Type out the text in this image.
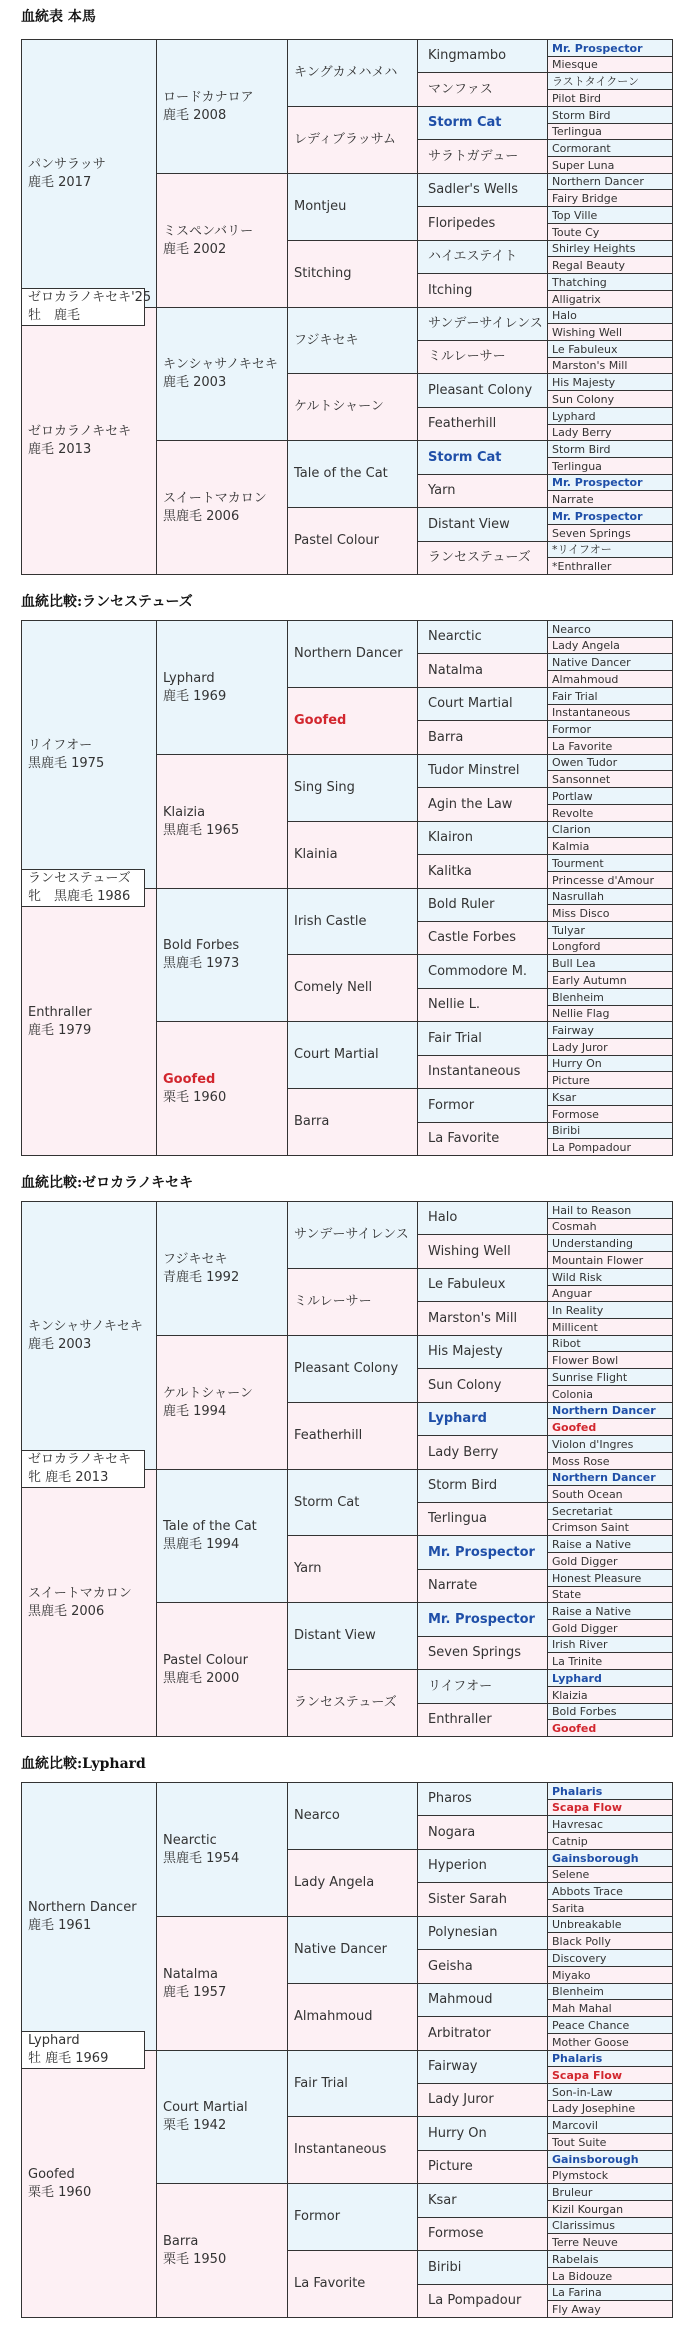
血統表 本馬
パンサラッサ
鹿毛 2017
ゼロカラノキセキ
鹿毛 2013
ロードカナロア
鹿毛 2008
ミスペンバリー
鹿毛 2002
キンシャサノキセキ
鹿毛 2003
スイートマカロン
黒鹿毛 2006
キングカメハメハ
レディブラッサム
Montjeu
Stitching
フジキセキ
ケルトシャーン
Tale of the Cat
Pastel Colour
Kingmambo
マンファス
Storm Cat
サラトガデュー
Sadler's Wells
Floripedes
ハイエステイト
Itching
サンデーサイレンス
ミルレーサー
Pleasant Colony
Featherhill
Storm Cat
Yarn
Distant View
ランセステューズ
Mr. Prospector
Miesque
ラストタイクーン
Pilot Bird
Storm Bird
Terlingua
Cormorant
Super Luna
Northern Dancer
Fairy Bridge
Top Ville
Toute Cy
Shirley Heights
Regal Beauty
Thatching
Alligatrix
Halo
Wishing Well
Le Fabuleux
Marston's Mill
His Majesty
Sun Colony
Lyphard
Lady Berry
Storm Bird
Terlingua
Mr. Prospector
Narrate
Mr. Prospector
Seven Springs
*リイフオー
*Enthraller
ゼロカラノキセキ'25
牡　鹿毛
血統比較:ランセステューズ
リイフオー
黒鹿毛 1975
Enthraller
鹿毛 1979
Lyphard
鹿毛 1969
Klaizia
黒鹿毛 1965
Bold Forbes
黒鹿毛 1973
Goofed
栗毛 1960
Northern Dancer
Goofed
Sing Sing
Klainia
Irish Castle
Comely Nell
Court Martial
Barra
Nearctic
Natalma
Court Martial
Barra
Tudor Minstrel
Agin the Law
Klairon
Kalitka
Bold Ruler
Castle Forbes
Commodore M.
Nellie L.
Fair Trial
Instantaneous
Formor
La Favorite
Nearco
Lady Angela
Native Dancer
Almahmoud
Fair Trial
Instantaneous
Formor
La Favorite
Owen Tudor
Sansonnet
Portlaw
Revolte
Clarion
Kalmia
Tourment
Princesse d'Amour
Nasrullah
Miss Disco
Tulyar
Longford
Bull Lea
Early Autumn
Blenheim
Nellie Flag
Fairway
Lady Juror
Hurry On
Picture
Ksar
Formose
Biribi
La Pompadour
ランセステューズ
牝　黒鹿毛 1986
血統比較:ゼロカラノキセキ
キンシャサノキセキ
鹿毛 2003
スイートマカロン
黒鹿毛 2006
フジキセキ
青鹿毛 1992
ケルトシャーン
鹿毛 1994
Tale of the Cat
黒鹿毛 1994
Pastel Colour
黒鹿毛 2000
サンデーサイレンス
ミルレーサー
Pleasant Colony
Featherhill
Storm Cat
Yarn
Distant View
ランセステューズ
Halo
Wishing Well
Le Fabuleux
Marston's Mill
His Majesty
Sun Colony
Lyphard
Lady Berry
Storm Bird
Terlingua
Mr. Prospector
Narrate
Mr. Prospector
Seven Springs
リイフオー
Enthraller
Hail to Reason
Cosmah
Understanding
Mountain Flower
Wild Risk
Anguar
In Reality
Millicent
Ribot
Flower Bowl
Sunrise Flight
Colonia
Northern Dancer
Goofed
Violon d'Ingres
Moss Rose
Northern Dancer
South Ocean
Secretariat
Crimson Saint
Raise a Native
Gold Digger
Honest Pleasure
State
Raise a Native
Gold Digger
Irish River
La Trinite
Lyphard
Klaizia
Bold Forbes
Goofed
ゼロカラノキセキ
牝 鹿毛 2013
血統比較:Lyphard
Northern Dancer
鹿毛 1961
Goofed
栗毛 1960
Nearctic
黒鹿毛 1954
Natalma
鹿毛 1957
Court Martial
栗毛 1942
Barra
栗毛 1950
Nearco
Lady Angela
Native Dancer
Almahmoud
Fair Trial
Instantaneous
Formor
La Favorite
Pharos
Nogara
Hyperion
Sister Sarah
Polynesian
Geisha
Mahmoud
Arbitrator
Fairway
Lady Juror
Hurry On
Picture
Ksar
Formose
Biribi
La Pompadour
Phalaris
Scapa Flow
Havresac
Catnip
Gainsborough
Selene
Abbots Trace
Sarita
Unbreakable
Black Polly
Discovery
Miyako
Blenheim
Mah Mahal
Peace Chance
Mother Goose
Phalaris
Scapa Flow
Son-in-Law
Lady Josephine
Marcovil
Tout Suite
Gainsborough
Plymstock
Bruleur
Kizil Kourgan
Clarissimus
Terre Neuve
Rabelais
La Bidouze
La Farina
Fly Away
Lyphard
牡 鹿毛 1969
